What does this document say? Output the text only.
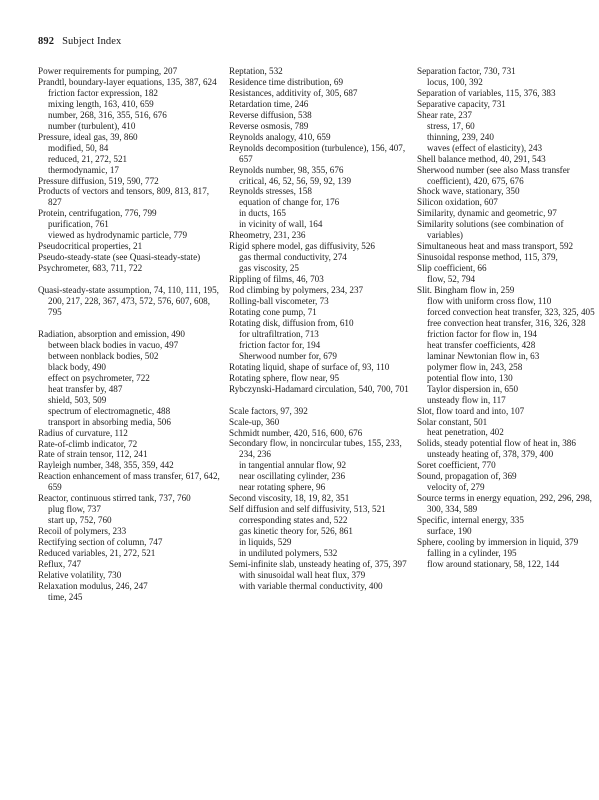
892 Subject Index
Power requirements for pumping, 207
Prandtl, boundary-layer equations, 135, 387, 624
friction factor expression, 182
mixing length, 163, 410, 659
number, 268, 316, 355, 516, 676
number (turbulent), 410
Pressure, ideal gas, 39, 860
modified, 50, 84
reduced, 21, 272, 521
thermodynamic, 17
Pressure diffusion, 519, 590, 772
Products of vectors and tensors, 809, 813, 817, 827
Protein, centrifugation, 776, 799
purification, 761
viewed as hydrodynamic particle, 779
Pseudocritical properties, 21
Pseudo-steady-state (see Quasi-steady-state)
Psychrometer, 683, 711, 722
Quasi-steady-state assumption, 74, 110, 111, 195, 200, 217, 228, 367, 473, 572, 576, 607, 608, 795
Radiation, absorption and emission, 490
between black bodies in vacuo, 497
between nonblack bodies, 502
black body, 490
effect on psychrometer, 722
heat transfer by, 487
shield, 503, 509
spectrum of electromagnetic, 488
transport in absorbing media, 506
Radius of curvature, 112
Rate-of-climb indicator, 72
Rate of strain tensor, 112, 241
Rayleigh number, 348, 355, 359, 442
Reaction enhancement of mass transfer, 617, 642, 659
Reactor, continuous stirred tank, 737, 760
plug flow, 737
start up, 752, 760
Recoil of polymers, 233
Rectifying section of column, 747
Reduced variables, 21, 272, 521
Reflux, 747
Relative volatility, 730
Relaxation modulus, 246, 247
time, 245
Reptation, 532
Residence time distribution, 69
Resistances, additivity of, 305, 687
Retardation time, 246
Reverse diffusion, 538
Reverse osmosis, 789
Reynolds analogy, 410, 659
Reynolds decomposition (turbulence), 156, 407, 657
Reynolds number, 98, 355, 676
critical, 46, 52, 56, 59, 92, 139
Reynolds stresses, 158
equation of change for, 176
in ducts, 165
in vicinity of wall, 164
Rheometry, 231, 236
Rigid sphere model, gas diffusivity, 526
gas thermal conductivity, 274
gas viscosity, 25
Rippling of films, 46, 703
Rod climbing by polymers, 234, 237
Rolling-ball viscometer, 73
Rotating cone pump, 71
Rotating disk, diffusion from, 610
for ultrafiltration, 713
friction factor for, 194
Sherwood number for, 679
Rotating liquid, shape of surface of, 93, 110
Rotating sphere, flow near, 95
Rybczynski-Hadamard circulation, 540, 700, 701
Scale factors, 97, 392
Scale-up, 360
Schmidt number, 420, 516, 600, 676
Secondary flow, in noncircular tubes, 155, 233, 234, 236
in tangential annular flow, 92
near oscillating cylinder, 236
near rotating sphere, 96
Second viscosity, 18, 19, 82, 351
Self diffusion and self diffusivity, 513, 521
corresponding states and, 522
gas kinetic theory for, 526, 861
in liquids, 529
in undiluted polymers, 532
Semi-infinite slab, unsteady heating of, 375, 397
with sinusoidal wall heat flux, 379
with variable thermal conductivity, 400
Separation factor, 730, 731
locus, 100, 392
Separation of variables, 115, 376, 383
Separative capacity, 731
Shear rate, 237
stress, 17, 60
thinning, 239, 240
waves (effect of elasticity), 243
Shell balance method, 40, 291, 543
Sherwood number (see also Mass transfer coefficient), 420, 675, 676
Shock wave, stationary, 350
Silicon oxidation, 607
Similarity, dynamic and geometric, 97
Similarity solutions (see combination of variables)
Simultaneous heat and mass transport, 592
Sinusoidal response method, 115, 379,
Slip coefficient, 66
flow, 52, 794
Slit. Bingham flow in, 259
flow with uniform cross flow, 110
forced convection heat transfer, 323, 325, 405
free convection heat transfer, 316, 326, 328
friction factor for flow in, 194
heat transfer coefficients, 428
laminar Newtonian flow in, 63
polymer flow in, 243, 258
potential flow into, 130
Taylor dispersion in, 650
unsteady flow in, 117
Slot, flow toard and into, 107
Solar constant, 501
heat penetration, 402
Solids, steady potential flow of heat in, 386
unsteady heating of, 378, 379, 400
Soret coefficient, 770
Sound, propagation of, 369
velocity of, 279
Source terms in energy equation, 292, 296, 298, 300, 334, 589
Specific, internal energy, 335
surface, 190
Sphere, cooling by immersion in liquid, 379
falling in a cylinder, 195
flow around stationary, 58, 122, 144
